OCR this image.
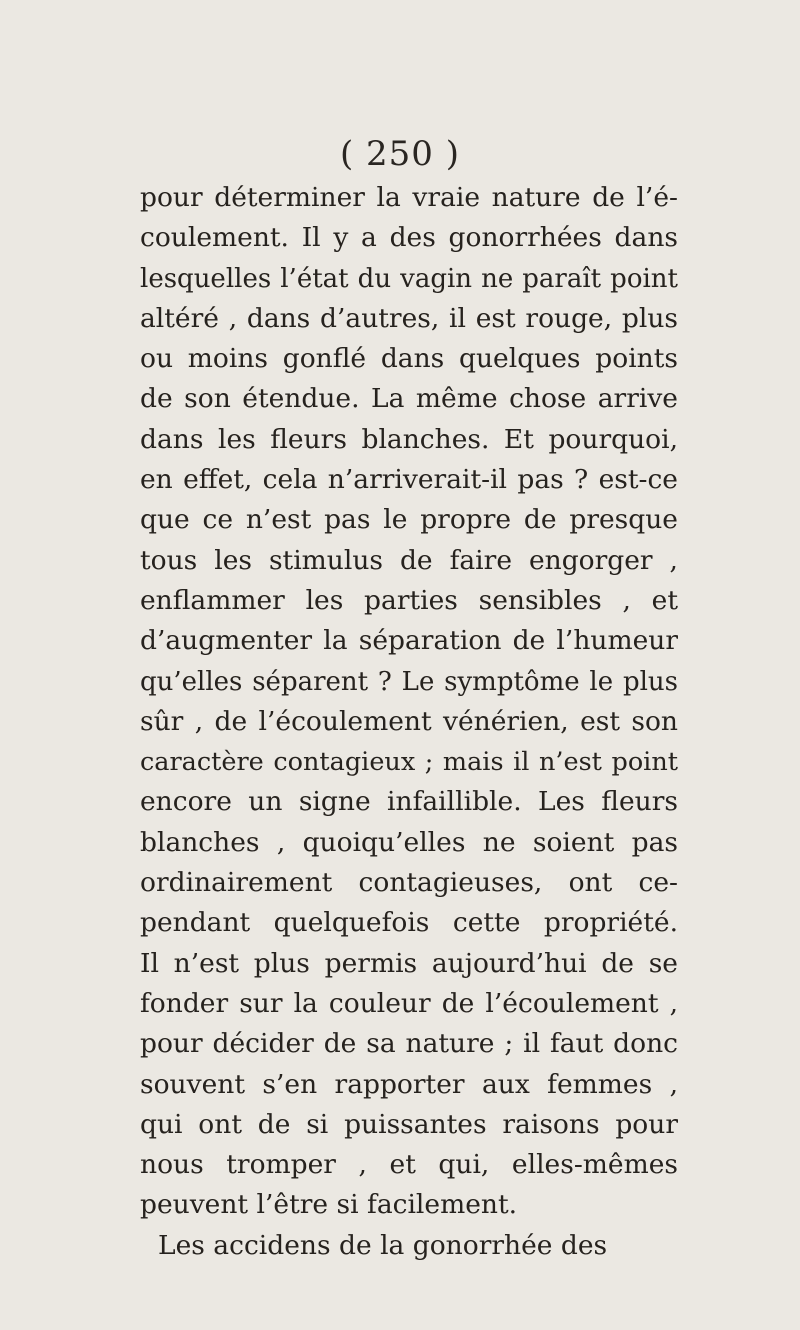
( 250 )
pour déterminer la vraie nature de l’é-
coulement. Il y a des gonorrhées dans
lesquelles l’état du vagin ne paraît point
altéré , dans d’autres, il est rouge, plus
ou moins gonflé dans quelques points
de son étendue. La même chose arrive
dans les fleurs blanches. Et pourquoi,
en effet, cela n’arriverait-il pas ? est-ce
que ce n’est pas le propre de presque
tous les stimulus de faire engorger ,
enflammer les parties sensibles , et
d’augmenter la séparation de l’humeur
qu’elles séparent ? Le symptôme le plus
sûr , de l’écoulement vénérien, est son
caractère contagieux ; mais il n’est point
encore un signe infaillible. Les fleurs
blanches , quoiqu’elles ne soient pas
ordinairement contagieuses, ont ce-
pendant quelquefois cette propriété.
Il n’est plus permis aujourd’hui de se
fonder sur la couleur de l’écoulement ,
pour décider de sa nature ; il faut donc
souvent s’en rapporter aux femmes ,
qui ont de si puissantes raisons pour
nous tromper , et qui, elles-mêmes
peuvent l’être si facilement.
Les accidens de la gonorrhée des
